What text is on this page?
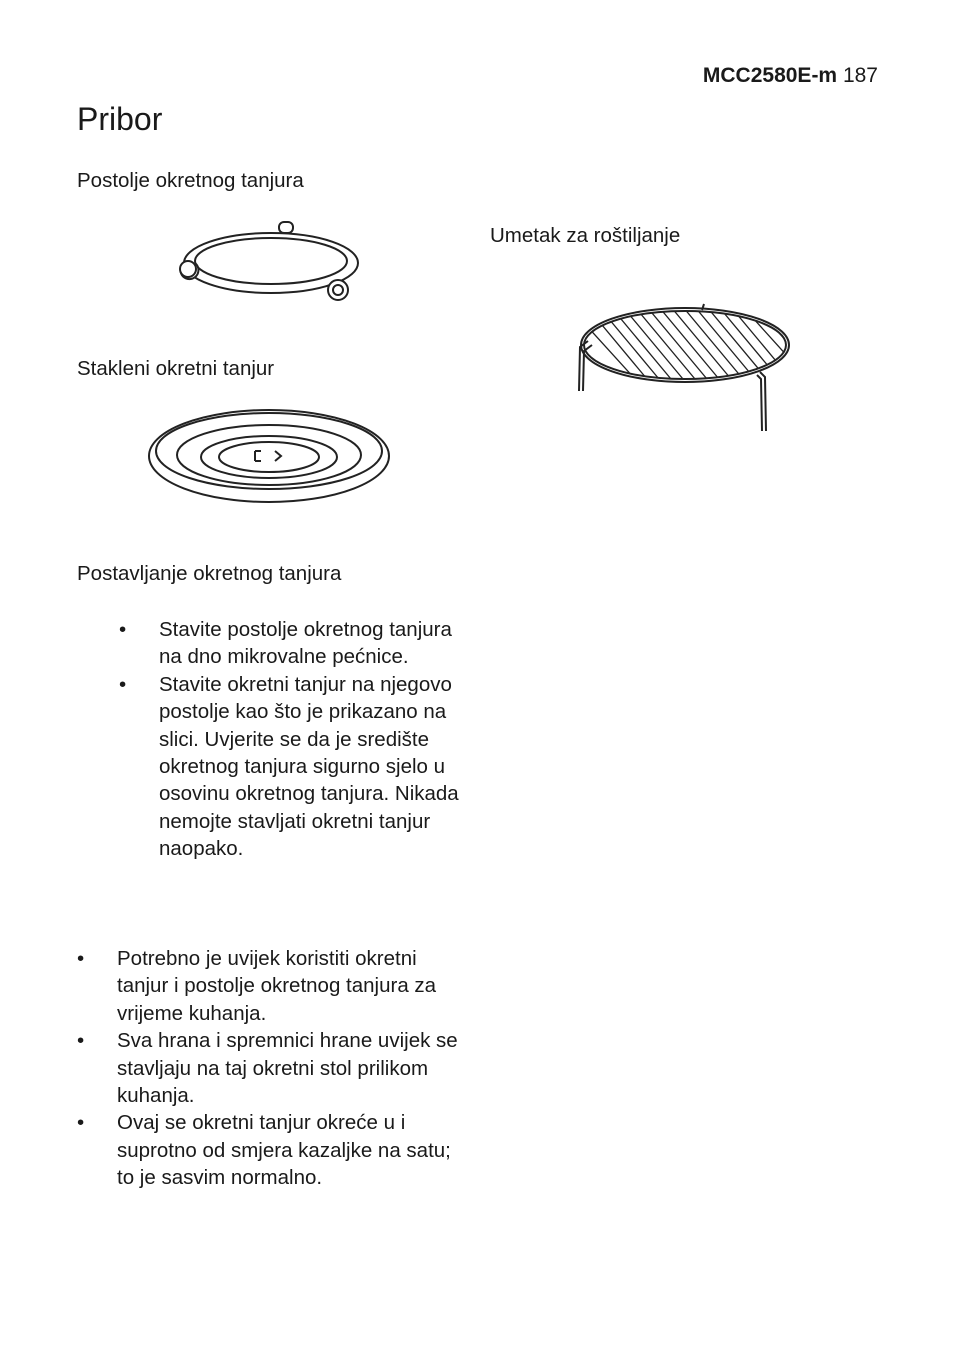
MCC2580E-m 187
Pribor
Postolje okretnog tanjura
Stakleni okretni tanjur
Umetak za roštiljanje
Postavljanje okretnog tanjura
• Stavite postolje okretnog tanjura na dno mikrovalne pećnice.
• Stavite okretni tanjur na njegovo postolje kao što je prikazano na slici. Uvjerite se da je središte okretnog tanjura sigurno sjelo u osovinu okretnog tanjura. Nikada nemojte stavljati okretni tanjur naopako.
• Potrebno je uvijek koristiti okretni tanjur i postolje okretnog tanjura za vrijeme kuhanja.
• Sva hrana i spremnici hrane uvijek se stavljaju na taj okretni stol prilikom kuhanja.
• Ovaj se okretni tanjur okreće u i suprotno od smjera kazaljke na satu; to je sasvim normalno.
